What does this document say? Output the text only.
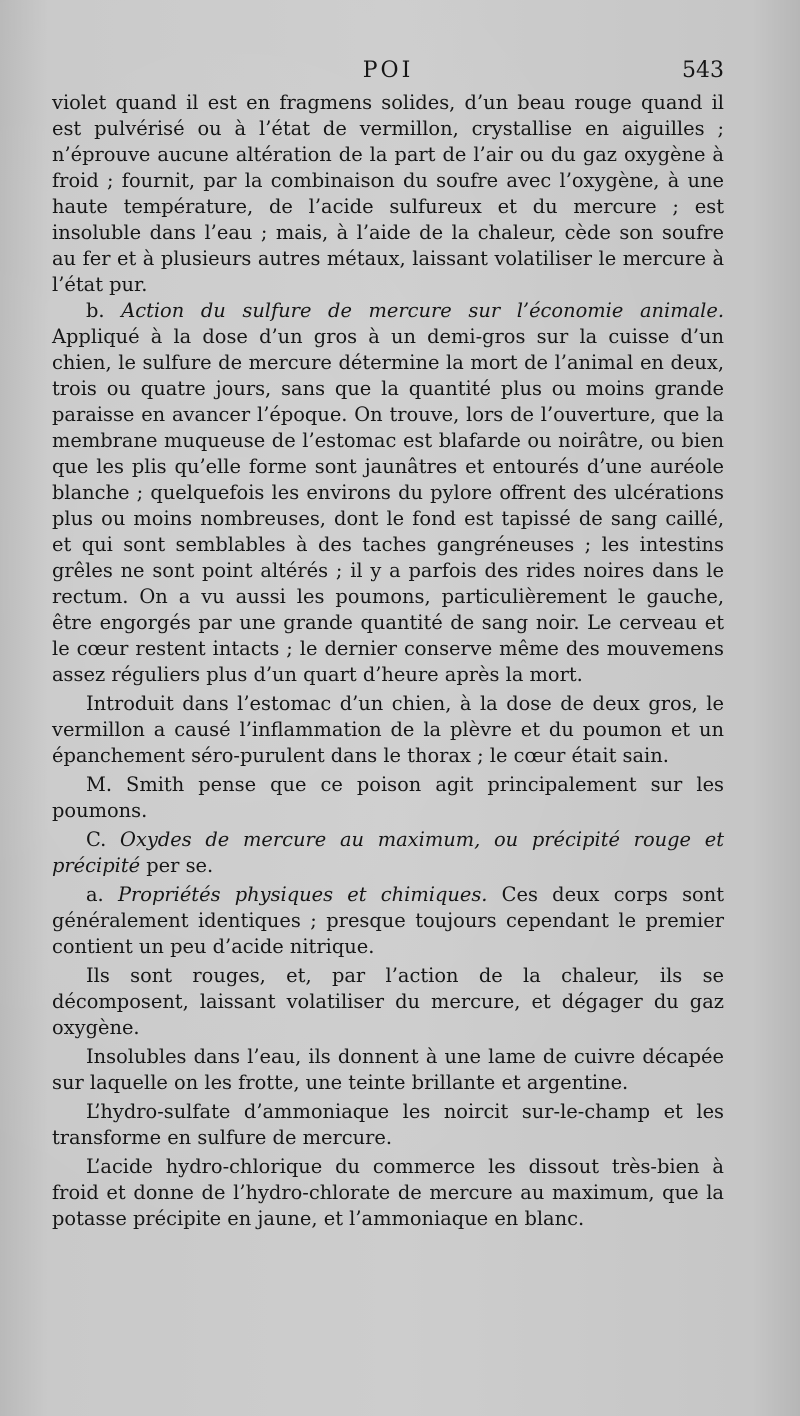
POI	543

violet quand il est en fragmens solides, d’un beau rouge quand il est pulvérisé ou à l’état de vermillon, crystallise en aiguilles ; n’éprouve aucune altération de la part de l’air ou du gaz oxygène à froid ; fournit, par la combinaison du soufre avec l’oxygène, à une haute température, de l’acide sulfureux et du mercure ; est insoluble dans l’eau ; mais, à l’aide de la chaleur, cède son soufre au fer et à plusieurs autres métaux, laissant volatiliser le mercure à l’état pur.

b. Action du sulfure de mercure sur l’économie animale. Appliqué à la dose d’un gros à un demi-gros sur la cuisse d’un chien, le sulfure de mercure détermine la mort de l’animal en deux, trois ou quatre jours, sans que la quantité plus ou moins grande paraisse en avancer l’époque. On trouve, lors de l’ouverture, que la membrane muqueuse de l’estomac est blafarde ou noirâtre, ou bien que les plis qu’elle forme sont jaunâtres et entourés d’une auréole blanche ; quelquefois les environs du pylore offrent des ulcérations plus ou moins nombreuses, dont le fond est tapissé de sang caillé, et qui sont semblables à des taches gangréneuses ; les intestins grêles ne sont point altérés ; il y a parfois des rides noires dans le rectum. On a vu aussi les poumons, particulièrement le gauche, être engorgés par une grande quantité de sang noir. Le cerveau et le cœur restent intacts ; le dernier conserve même des mouvemens assez réguliers plus d’un quart d’heure après la mort.

Introduit dans l’estomac d’un chien, à la dose de deux gros, le vermillon a causé l’inflammation de la plèvre et du poumon et un épanchement séro-purulent dans le thorax ; le cœur était sain.

M. Smith pense que ce poison agit principalement sur les poumons.

C. Oxydes de mercure au maximum, ou précipité rouge et précipité per se.

a. Propriétés physiques et chimiques. Ces deux corps sont généralement identiques ; presque toujours cependant le premier contient un peu d’acide nitrique.

Ils sont rouges, et, par l’action de la chaleur, ils se décomposent, laissant volatiliser du mercure, et dégager du gaz oxygène.

Insolubles dans l’eau, ils donnent à une lame de cuivre décapée sur laquelle on les frotte, une teinte brillante et argentine.

L’hydro-sulfate d’ammoniaque les noircit sur-le-champ et les transforme en sulfure de mercure.

L’acide hydro-chlorique du commerce les dissout très-bien à froid et donne de l’hydro-chlorate de mercure au maximum, que la potasse précipite en jaune, et l’ammoniaque en blanc.
